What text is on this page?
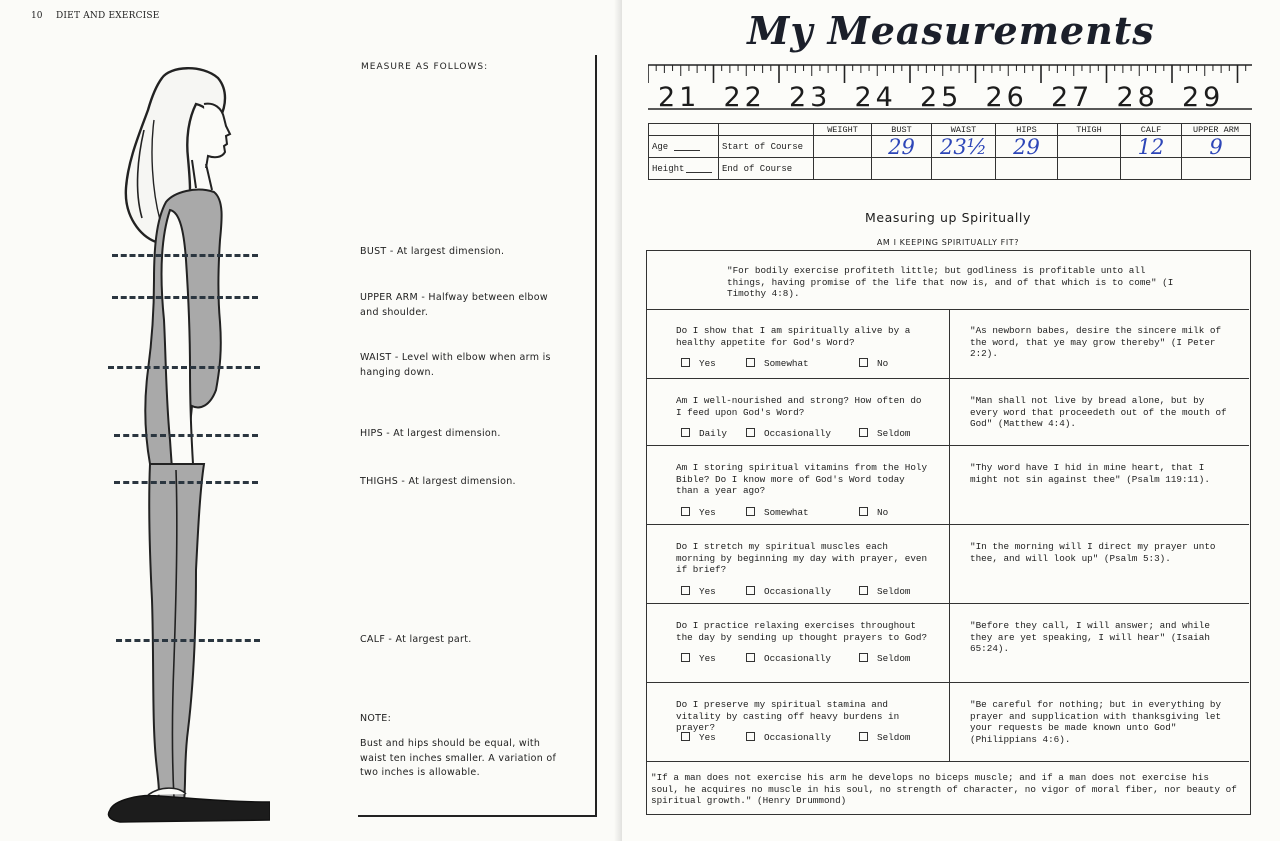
10 DIET AND EXERCISE
MEASURE AS FOLLOWS:
BUST - At largest dimension.
UPPER ARM - Halfway between elbow and shoulder.
WAIST - Level with elbow when arm is hanging down.
HIPS - At largest dimension.
THIGHS - At largest dimension.
CALF - At largest part.
NOTE:
Bust and hips should be equal, with waist ten inches smaller. A variation of two inches is allowable.
My Measurements
21 22 23 24 25 26 27 28 29
		WEIGHT	BUST	WAIST	HIPS	THIGH	CALF	UPPER ARM
Age	Start of Course		29	23½	29		12	9
Height	End of Course							
Measuring up Spiritually
AM I KEEPING SPIRITUALLY FIT?
"For bodily exercise profiteth little; but godliness is profitable unto all things, having promise of the life that now is, and of that which is to come" (I Timothy 4:8).
Do I show that I am spiritually alive by a healthy appetite for God's Word?
"As newborn babes, desire the sincere milk of the word, that ye may grow thereby" (I Peter 2:2).
Yes	Somewhat	No
Am I well-nourished and strong? How often do I feed upon God's Word?
"Man shall not live by bread alone, but by every word that proceedeth out of the mouth of God" (Matthew 4:4).
Daily	Occasionally	Seldom
Am I storing spiritual vitamins from the Holy Bible? Do I know more of God's Word today than a year ago?
"Thy word have I hid in mine heart, that I might not sin against thee" (Psalm 119:11).
Yes	Somewhat	No
Do I stretch my spiritual muscles each morning by beginning my day with prayer, even if brief?
"In the morning will I direct my prayer unto thee, and will look up" (Psalm 5:3).
Yes	Occasionally	Seldom
Do I practice relaxing exercises throughout the day by sending up thought prayers to God?
"Before they call, I will answer; and while they are yet speaking, I will hear" (Isaiah 65:24).
Yes	Occasionally	Seldom
Do I preserve my spiritual stamina and vitality by casting off heavy burdens in prayer?
"Be careful for nothing; but in everything by prayer and supplication with thanksgiving let your requests be made known unto God" (Philippians 4:6).
Yes	Occasionally	Seldom
"If a man does not exercise his arm he develops no biceps muscle; and if a man does not exercise his soul, he acquires no muscle in his soul, no strength of character, no vigor of moral fiber, nor beauty of spiritual growth." (Henry Drummond)
